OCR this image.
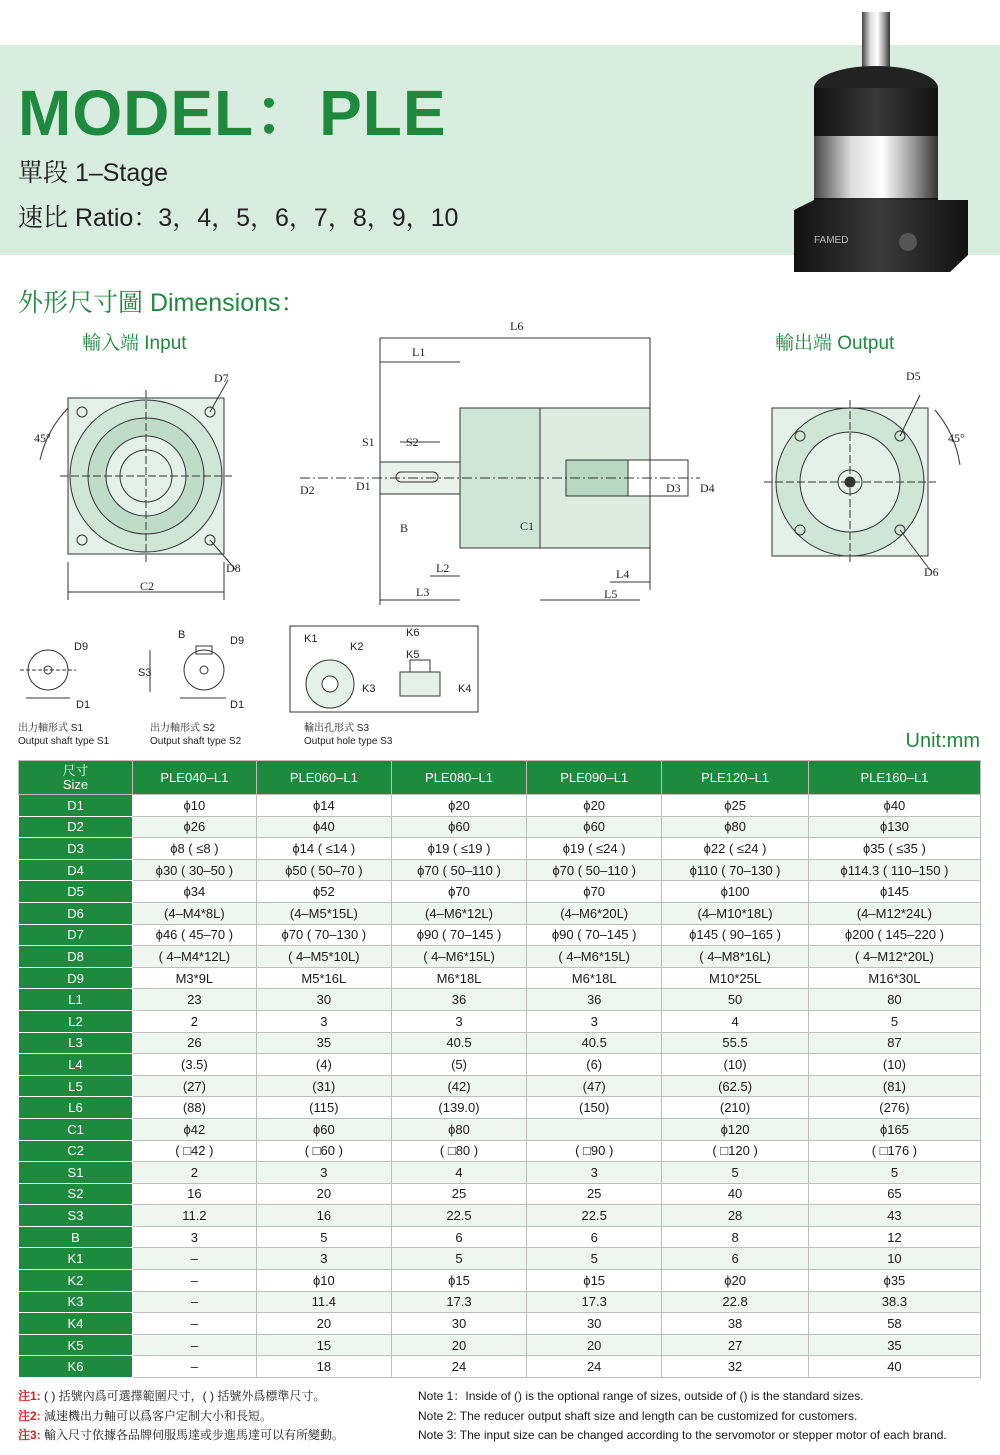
MODEL：PLE
單段 1–Stage
速比 Ratio：3，4，5，6，7，8，9，10
FAMED
外形尺寸圖 Dimensions：
輸入端 Input	輸出端 Output
C2
45°
D7
D8
L6
L1
S1	S2
D2	D1
B	C1
D3 D4
L2
L3
L4
L5
D5
D6
45°
D9
D1
B	D9
D1
S3
K1
K2
K3	K4
K5
K6
出力軸形式 S1
Output shaft type S1
出力軸形式 S2
Output shaft type S2
輸出孔形式 S3
Output hole type S3	Unit:mm
尺寸
Size	PLE040–L1	PLE060–L1	PLE080–L1	PLE090–L1	PLE120–L1	PLE160–L1
D1	ϕ10	ϕ14	ϕ20	ϕ20	ϕ25	ϕ40
D2	ϕ26	ϕ40	ϕ60	ϕ60	ϕ80	ϕ130
D3	ϕ8 ( ≤8 )	ϕ14 ( ≤14 )	ϕ19 ( ≤19 )	ϕ19 ( ≤24 )	ϕ22 ( ≤24 )	ϕ35 ( ≤35 )
D4	ϕ30 ( 30–50 )	ϕ50 ( 50–70 )	ϕ70 ( 50–110 )	ϕ70 ( 50–110 )	ϕ110 ( 70–130 )	ϕ114.3 ( 110–150 )
D5	ϕ34	ϕ52	ϕ70	ϕ70	ϕ100	ϕ145
D6	(4–M4*8L)	(4–M5*15L)	(4–M6*12L)	(4–M6*20L)	(4–M10*18L)	(4–M12*24L)
D7	ϕ46 ( 45–70 )	ϕ70 ( 70–130 )	ϕ90 ( 70–145 )	ϕ90 ( 70–145 )	ϕ145 ( 90–165 )	ϕ200 ( 145–220 )
D8	( 4–M4*12L)	( 4–M5*10L)	( 4–M6*15L)	( 4–M6*15L)	( 4–M8*16L)	( 4–M12*20L)
D9	M3*9L	M5*16L	M6*18L	M6*18L	M10*25L	M16*30L
L1	23	30	36	36	50	80
L2	2	3	3	3	4	5
L3	26	35	40.5	40.5	55.5	87
L4	(3.5)	(4)	(5)	(6)	(10)	(10)
L5	(27)	(31)	(42)	(47)	(62.5)	(81)
L6	(88)	(115)	(139.0)	(150)	(210)	(276)
C1	ϕ42	ϕ60	ϕ80		ϕ120	ϕ165
C2	( □42 )	( □60 )	( □80 )	( □90 )	( □120 )	( □176 )
S1	2	3	4	3	5	5
S2	16	20	25	25	40	65
S3	11.2	16	22.5	22.5	28	43
B	3	5	6	6	8	12
K1	–	3	5	5	6	10
K2	–	ϕ10	ϕ15	ϕ15	ϕ20	ϕ35
K3	–	11.4	17.3	17.3	22.8	38.3
K4	–	20	30	30	38	58
K5	–	15	20	20	27	35
K6	–	18	24	24	32	40
注1: ( ) 括號內爲可選擇範圍尺寸，( ) 括號外爲標準尺寸。
注2: 減速機出力軸可以爲客户定制大小和長短。
注3: 輸入尺寸依據各品牌伺服馬達或步進馬達可以有所變動。
Note 1：Inside of () is the optional range of sizes, outside of () is the standard sizes.
Note 2: The reducer output shaft size and length can be customized for customers.
Note 3: The input size can be changed according to the servomotor or stepper motor of each brand.
